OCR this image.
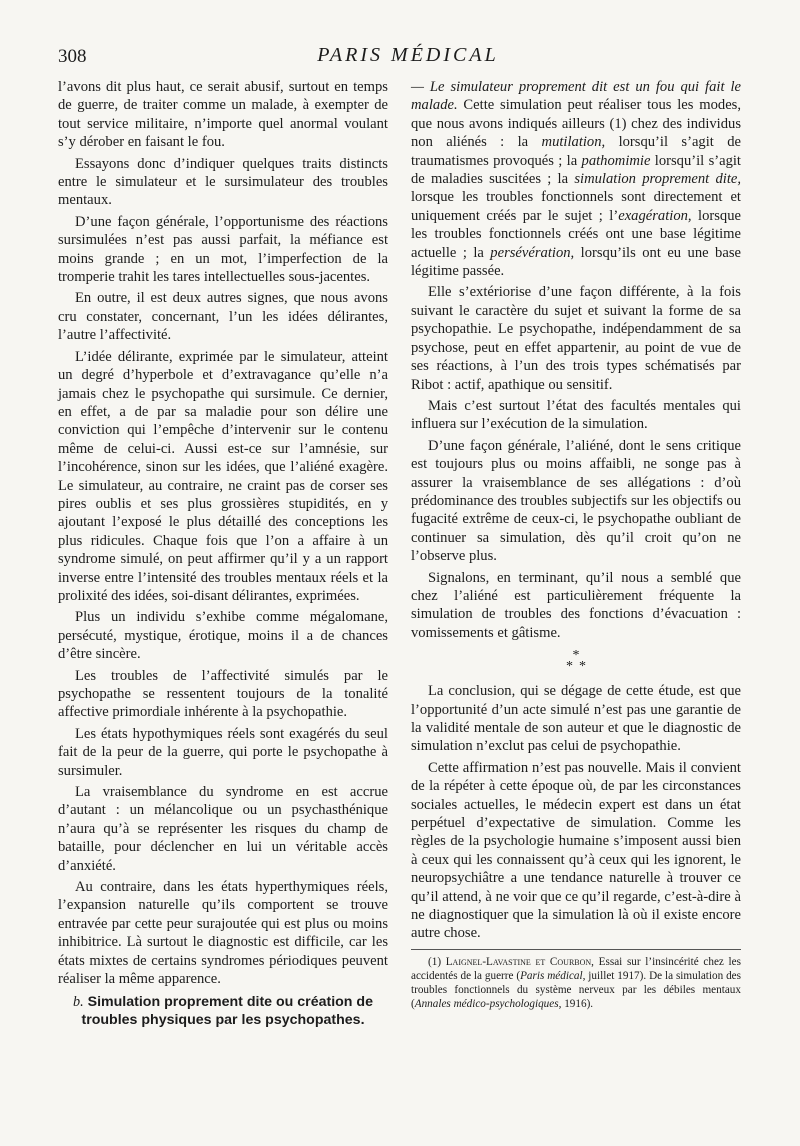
308	PARIS MÉDICAL

l’avons dit plus haut, ce serait abusif, surtout en temps de guerre, de traiter comme un malade, à exempter de tout service militaire, n’importe quel anormal voulant s’y dérober en faisant le fou.

Essayons donc d’indiquer quelques traits distincts entre le simulateur et le sursimulateur des troubles mentaux.

D’une façon générale, l’opportunisme des réactions sursimulées n’est pas aussi parfait, la méfiance est moins grande ; en un mot, l’imperfection de la tromperie trahit les tares intellectuelles sous-jacentes.

En outre, il est deux autres signes, que nous avons cru constater, concernant, l’un les idées délirantes, l’autre l’affectivité.

L’idée délirante, exprimée par le simulateur, atteint un degré d’hyperbole et d’extravagance qu’elle n’a jamais chez le psychopathe qui sursimule. Ce dernier, en effet, a de par sa maladie pour son délire une conviction qui l’empêche d’intervenir sur le contenu même de celui-ci. Aussi est-ce sur l’amnésie, sur l’incohérence, sinon sur les idées, que l’aliéné exagère. Le simulateur, au contraire, ne craint pas de corser ses pires oublis et ses plus grossières stupidités, en y ajoutant l’exposé le plus détaillé des conceptions les plus ridicules. Chaque fois que l’on a affaire à un syndrome simulé, on peut affirmer qu’il y a un rapport inverse entre l’intensité des troubles mentaux réels et la prolixité des idées, soi-disant délirantes, exprimées.

Plus un individu s’exhibe comme mégalomane, persécuté, mystique, érotique, moins il a de chances d’être sincère.

Les troubles de l’affectivité simulés par le psychopathe se ressentent toujours de la tonalité affective primordiale inhérente à la psychopathie.

Les états hypothymiques réels sont exagérés du seul fait de la peur de la guerre, qui porte le psychopathe à sursimuler.

La vraisemblance du syndrome en est accrue d’autant : un mélancolique ou un psychasthénique n’aura qu’à se représenter les risques du champ de bataille, pour déclencher en lui un véritable accès d’anxiété.

Au contraire, dans les états hyperthymiques réels, l’expansion naturelle qu’ils comportent se trouve entravée par cette peur surajoutée qui est plus ou moins inhibitrice. Là surtout le diagnostic est difficile, car les états mixtes de certains syndromes périodiques peuvent réaliser la même apparence.

b. Simulation proprement dite ou création de troubles physiques par les psychopathes.

— Le simulateur proprement dit est un fou qui fait le malade. Cette simulation peut réaliser tous les modes, que nous avons indiqués ailleurs (1) chez des individus non aliénés : la mutilation, lorsqu’il s’agit de traumatismes provoqués ; la pathomimie lorsqu’il s’agit de maladies suscitées ; la simulation proprement dite, lorsque les troubles fonctionnels sont directement et uniquement créés par le sujet ; l’exagération, lorsque les troubles fonctionnels créés ont une base légitime actuelle ; la persévération, lorsqu’ils ont eu une base légitime passée.

Elle s’extériorise d’une façon différente, à la fois suivant le caractère du sujet et suivant la forme de sa psychopathie. Le psychopathe, indépendamment de sa psychose, peut en effet appartenir, au point de vue de ses réactions, à l’un des trois types schématisés par Ribot : actif, apathique ou sensitif.

Mais c’est surtout l’état des facultés mentales qui influera sur l’exécution de la simulation.

D’une façon générale, l’aliéné, dont le sens critique est toujours plus ou moins affaibli, ne songe pas à assurer la vraisemblance de ses allégations : d’où prédominance des troubles subjectifs sur les objectifs ou fugacité extrême de ceux-ci, le psychopathe oubliant de continuer sa simulation, dès qu’il croit qu’on ne l’observe plus.

Signalons, en terminant, qu’il nous a semblé que chez l’aliéné est particulièrement fréquente la simulation de troubles des fonctions d’évacuation : vomissements et gâtisme.

*
**

La conclusion, qui se dégage de cette étude, est que l’opportunité d’un acte simulé n’est pas une garantie de la validité mentale de son auteur et que le diagnostic de simulation n’exclut pas celui de psychopathie.

Cette affirmation n’est pas nouvelle. Mais il convient de la répéter à cette époque où, de par les circonstances sociales actuelles, le médecin expert est dans un état perpétuel d’expectative de simulation. Comme les règles de la psychologie humaine s’imposent aussi bien à ceux qui les connaissent qu’à ceux qui les ignorent, le neuropsychiâtre a une tendance naturelle à trouver ce qu’il attend, à ne voir que ce qu’il regarde, c’est-à-dire à ne diagnostiquer que la simulation là où il existe encore autre chose.

(1) Laignel-Lavastine et Courbon, Essai sur l’insincérité chez les accidentés de la guerre (Paris médical, juillet 1917). De la simulation des troubles fonctionnels du système nerveux par les débiles mentaux (Annales médico-psychologiques, 1916).
